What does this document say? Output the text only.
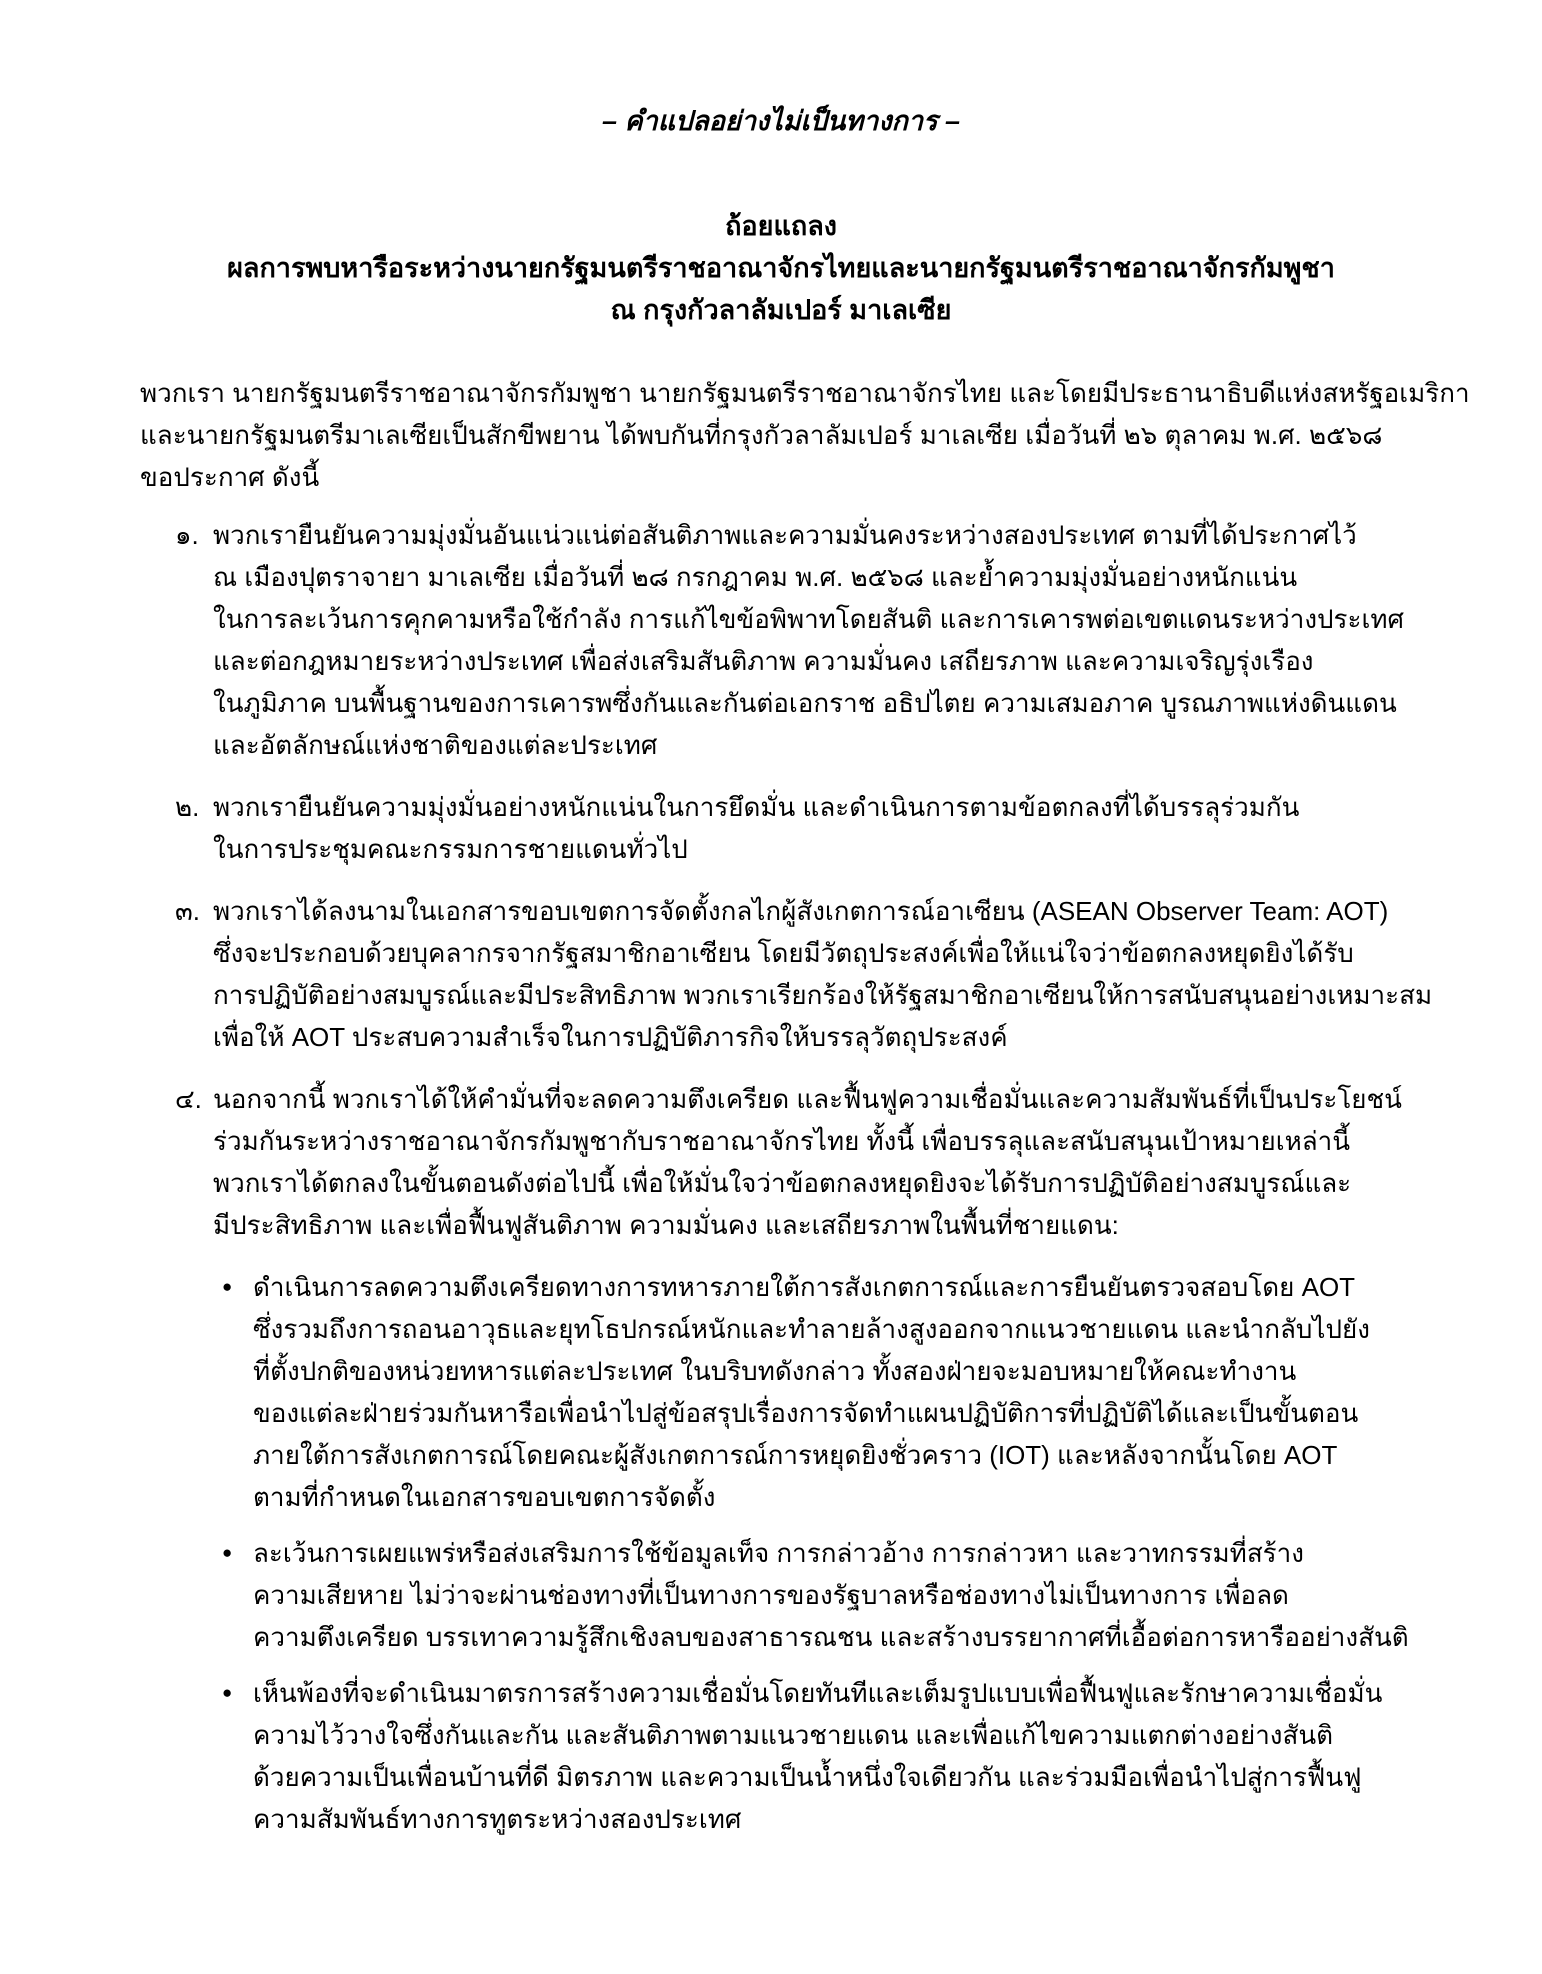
– คำแปลอย่างไม่เป็นทางการ –
ถ้อยแถลง
ผลการพบหารือระหว่างนายกรัฐมนตรีราชอาณาจักรไทยและนายกรัฐมนตรีราชอาณาจักรกัมพูชา
ณ กรุงกัวลาลัมเปอร์ มาเลเซีย
พวกเรา นายกรัฐมนตรีราชอาณาจักรกัมพูชา นายกรัฐมนตรีราชอาณาจักรไทย และโดยมีประธานาธิบดีแห่งสหรัฐอเมริกา
และนายกรัฐมนตรีมาเลเซียเป็นสักขีพยาน ได้พบกันที่กรุงกัวลาลัมเปอร์ มาเลเซีย เมื่อวันที่ ๒๖ ตุลาคม พ.ศ. ๒๕๖๘
ขอประกาศ ดังนี้
๑. พวกเรายืนยันความมุ่งมั่นอันแน่วแน่ต่อสันติภาพและความมั่นคงระหว่างสองประเทศ ตามที่ได้ประกาศไว้
ณ เมืองปุตราจายา มาเลเซีย เมื่อวันที่ ๒๘ กรกฎาคม พ.ศ. ๒๕๖๘ และย้ำความมุ่งมั่นอย่างหนักแน่น
ในการละเว้นการคุกคามหรือใช้กำลัง การแก้ไขข้อพิพาทโดยสันติ และการเคารพต่อเขตแดนระหว่างประเทศ
และต่อกฎหมายระหว่างประเทศ เพื่อส่งเสริมสันติภาพ ความมั่นคง เสถียรภาพ และความเจริญรุ่งเรือง
ในภูมิภาค บนพื้นฐานของการเคารพซึ่งกันและกันต่อเอกราช อธิปไตย ความเสมอภาค บูรณภาพแห่งดินแดน
และอัตลักษณ์แห่งชาติของแต่ละประเทศ
๒. พวกเรายืนยันความมุ่งมั่นอย่างหนักแน่นในการยึดมั่น และดำเนินการตามข้อตกลงที่ได้บรรลุร่วมกัน
ในการประชุมคณะกรรมการชายแดนทั่วไป
๓. พวกเราได้ลงนามในเอกสารขอบเขตการจัดตั้งกลไกผู้สังเกตการณ์อาเซียน (ASEAN Observer Team: AOT)
ซึ่งจะประกอบด้วยบุคลากรจากรัฐสมาชิกอาเซียน โดยมีวัตถุประสงค์เพื่อให้แน่ใจว่าข้อตกลงหยุดยิงได้รับ
การปฏิบัติอย่างสมบูรณ์และมีประสิทธิภาพ พวกเราเรียกร้องให้รัฐสมาชิกอาเซียนให้การสนับสนุนอย่างเหมาะสม
เพื่อให้ AOT ประสบความสำเร็จในการปฏิบัติภารกิจให้บรรลุวัตถุประสงค์
๔. นอกจากนี้ พวกเราได้ให้คำมั่นที่จะลดความตึงเครียด และฟื้นฟูความเชื่อมั่นและความสัมพันธ์ที่เป็นประโยชน์
ร่วมกันระหว่างราชอาณาจักรกัมพูชากับราชอาณาจักรไทย ทั้งนี้ เพื่อบรรลุและสนับสนุนเป้าหมายเหล่านี้
พวกเราได้ตกลงในขั้นตอนดังต่อไปนี้ เพื่อให้มั่นใจว่าข้อตกลงหยุดยิงจะได้รับการปฏิบัติอย่างสมบูรณ์และ
มีประสิทธิภาพ และเพื่อฟื้นฟูสันติภาพ ความมั่นคง และเสถียรภาพในพื้นที่ชายแดน:
● ดำเนินการลดความตึงเครียดทางการทหารภายใต้การสังเกตการณ์และการยืนยันตรวจสอบโดย AOT
ซึ่งรวมถึงการถอนอาวุธและยุทโธปกรณ์หนักและทำลายล้างสูงออกจากแนวชายแดน และนำกลับไปยัง
ที่ตั้งปกติของหน่วยทหารแต่ละประเทศ ในบริบทดังกล่าว ทั้งสองฝ่ายจะมอบหมายให้คณะทำงาน
ของแต่ละฝ่ายร่วมกันหารือเพื่อนำไปสู่ข้อสรุปเรื่องการจัดทำแผนปฏิบัติการที่ปฏิบัติได้และเป็นขั้นตอน
ภายใต้การสังเกตการณ์โดยคณะผู้สังเกตการณ์การหยุดยิงชั่วคราว (IOT) และหลังจากนั้นโดย AOT
ตามที่กำหนดในเอกสารขอบเขตการจัดตั้ง
● ละเว้นการเผยแพร่หรือส่งเสริมการใช้ข้อมูลเท็จ การกล่าวอ้าง การกล่าวหา และวาทกรรมที่สร้าง
ความเสียหาย ไม่ว่าจะผ่านช่องทางที่เป็นทางการของรัฐบาลหรือช่องทางไม่เป็นทางการ เพื่อลด
ความตึงเครียด บรรเทาความรู้สึกเชิงลบของสาธารณชน และสร้างบรรยากาศที่เอื้อต่อการหารืออย่างสันติ
● เห็นพ้องที่จะดำเนินมาตรการสร้างความเชื่อมั่นโดยทันทีและเต็มรูปแบบเพื่อฟื้นฟูและรักษาความเชื่อมั่น
ความไว้วางใจซึ่งกันและกัน และสันติภาพตามแนวชายแดน และเพื่อแก้ไขความแตกต่างอย่างสันติ
ด้วยความเป็นเพื่อนบ้านที่ดี มิตรภาพ และความเป็นน้ำหนึ่งใจเดียวกัน และร่วมมือเพื่อนำไปสู่การฟื้นฟู
ความสัมพันธ์ทางการทูตระหว่างสองประเทศ
